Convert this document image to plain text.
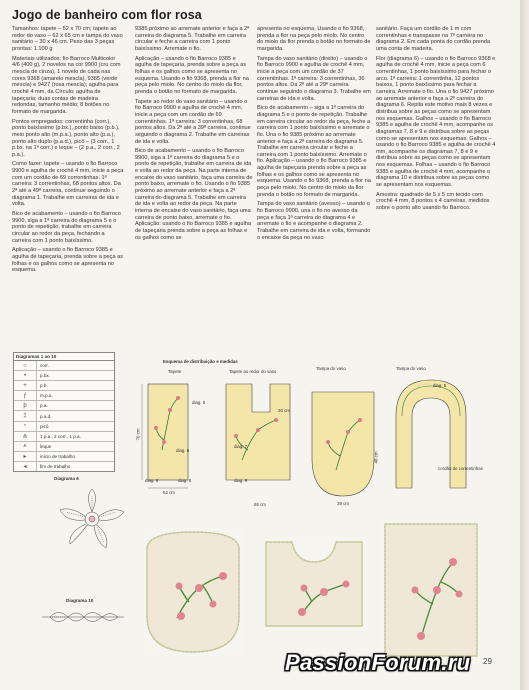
Jogo de banheiro com flor rosa

Tamanhos: tapete – 52 x 70 cm; tapete ao redor do vaso – 62 x 65 cm e tampa do vaso sanitário – 30 x 46 cm. Peso das 3 peças prontas: 1.100 g

Materiais utilizados: fio Barroco Multicolor 4/6 (400 g), 2 novelos na cor 9900 (cru com mescla de cinza), 1 novelo de cada nas cores 9368 (amarelo mescla), 9385 (verde mescla) e 9427 (rosa mescla); agulha para crochê 4 mm, da Círculo; agulha de tapeçaria; duas contas de madeira redondas, tamanho médio; 8 botões no formato de margarida.

Pontos empregados: correntinha (corr.), ponto baixíssimo (p.bx.), ponto baixo (p.b.), meio ponto alto (m.p.a.), ponto alto (p.a.), ponto alto duplo (p.a.d.), picô – (3 corr., 1 p.bx. na 1ª corr.) e leque – (2 p.a., 2 corr., 2 p.a.).

Como fazer: tapete – usando o fio Barroco 9900 e agulha de crochê 4 mm, inicie a peça com um cordão de 69 correntinhas. 1ª carreira: 3 correntinhas, 68 pontos altos. Da 2ª até a 49ª carreira, continue seguindo o diagrama 1. Trabalhe em carreiras de ida e volta.

Bico de acabamento – usando o fio Barroco 9900, siga a 1ª carreira do diagrama 5 e o ponto de repetição, trabalhe em carreira circular ao redor da peça, fechando a carreira com 1 ponto baixíssimo.

Aplicação – usando o fio Barroco 9385 e agulha de tapeçaria, prenda sobre a peça as folhas e os galhos como se apresenta no esquema.

9385 próximo ao arremate anterior e faça a 2ª carreira do diagrama 5. Trabalhe em carreira circular e feche a carreira com 1 ponto baixíssimo. Arremate o fio.

Aplicação – usando o fio Barroco 9385 e agulha de tapeçaria, prenda sobre a peça as folhas e os galhos como se apresenta no esquema. Usando o fio 9368, prenda a flor na peça pelo miolo. No centro do miolo da flor, prenda o botão no formato de margarida.

Tapete ao redor do vaso sanitário – usando o fio Barroco 9900 e agulha de crochê 4 mm, inicie a peça com um cordão de 69 correntinhas. 1ª carreira: 3 correntinhas, 68 pontos altos. Da 2ª até a 39ª carreira, continue seguindo o diagrama 2. Trabalhe em carreiras de ida e volta.

Bico de acabamento – usando o fio Barroco 9900, siga a 1ª carreira do diagrama 5 e o ponto de repetição, trabalhe em carreira de ida e volta ao redor da peça. Na parte interna de encaixe do vaso sanitário, faça uma carreira de ponto baixo, arremate o fio. Usando o fio 9385 próximo ao arremate anterior e faça a 2ª carreira do diagrama 5. Trabalhe em carreira de ida e volta ao redor da peça. Na parte interna de encaixe do vaso sanitário, faça uma carreira de ponto baixo, arremate o fio. Aplicação: usando o fio Barroco 9385 e agulha de tapeçaria prenda sobre a peça as folhas e os galhos como se

apresenta no esquema. Usando o fio 9368, prenda a flor na peça pelo miolo. No centro do miolo da flor prenda o botão no formato de margarida.

Tampa do vaso sanitário (direito) – usando o fio Barroco 9900 e agulha de crochê 4 mm, inicie a peça com um cordão de 37 correntinhas. 1ª carreira: 3 correntinhas, 36 pontos altos. Da 2ª até a 29ª carreira continue seguindo o diagrama 3. Trabalhe em carreiras de ida e volta.

Bico de acabamento – siga a 1ª carreira do diagrama 5 e o ponto de repetição. Trabalhe em carreira circular ao redor da peça, feche a carreira com 1 ponto baixíssimo e arremate o fio. Una o fio 9385 próximo ao arremate anterior e faça a 2ª carreira do diagrama 5. Trabalhe em carreira circular e feche a carreira com 1 ponto baixíssimo. Arremate o fio. Aplicação – usando o fio Barroco 9385 e agulha de tapeçaria prenda sobre a peça as folhas e os galhos como se apresenta no esquema. Usando o fio 9368, prenda a flor na peça pelo miolo. No centro do miolo da flor prenda o botão no formato de margarida.

Tampa do vaso sanitário (avesso) – usando o fio Barroco 9900, una o fio no avesso da peça e faça 1ª carreira do diagrama 4 e arremate o fio e acompanhe o diagrama 2. Trabalhe em carreira de ida e volta, formando o encaixe da peça no vaso

sanitário. Faça um cordão de 1 m com correntinhas e transpasse na 7ª carreira no diagrama 2. Em cada ponta do cordão prenda uma conta de madeira.

Flor (diagrama 6) – usando o fio Barroco 9368 e agulha de crochê 4 mm, inicie a peça com 6 correntinhas, 1 ponto baixíssimo para fechar o arco. 1ª carreira: 1 correntinha, 12 pontos baixos, 1 ponto baixíssimo para fechar a carreira. Arremate o fio. Una o fio 9427 próximo ao arremate anterior e faça a 2ª carreira do diagrama 6. Repita este motivo mais 8 vezes e distribua sobre as peças como se apresentam nos esquemas. Galhos – usando o fio Barroco 9385 e agulha de crochê 4 mm, acompanhe os diagramas 7, 8 e 9 e distribua sobre as peças como se apresentam nos esquemas. Galhos – usando o fio Barroco 9385 e agulha de crochê 4 mm, acompanhe os diagramas 7, 8 e 9 e distribua sobre as peças como se apresentam nos esquemas. Folhas – usando o fio Barroco 9385 e agulha de crochê 4 mm, acompanhe o diagrama 10 e distribua sobre as peças como se apresentam nos esquemas.

Amostra: quadrado de 5 x 5 cm tecido com crochê 4 mm, 8 pontos x 4 carreiras, medidos sobre o ponto alto usando fio Barroco.

Diagramas 1 ao 10
○	corr.
•	p.bx.
+	p.b.
ƒ	m.p.a.
ϸ	p.a.
‡	p.a.d.
ᐤ	picô
⋔	1 p.a., 2 corr., 1 p.a.
⩚	leque
▸	início de trabalho
◂	fim de trabalho
Diagrama 6
Diagrama 10
Esquema de distribuição e medidas
Tapete	Tapete ao redor do vaso
Tampa do vaso	Tampa do vaso
70 cm
52 cm
diag. 5
diag. 6
diag. 9	diag. 8
20 cm
65 cm
diag. 7
diag. 9
38 cm
48 cm
diag. 5
cordão de correntinhas
PassionForum.ru 29
